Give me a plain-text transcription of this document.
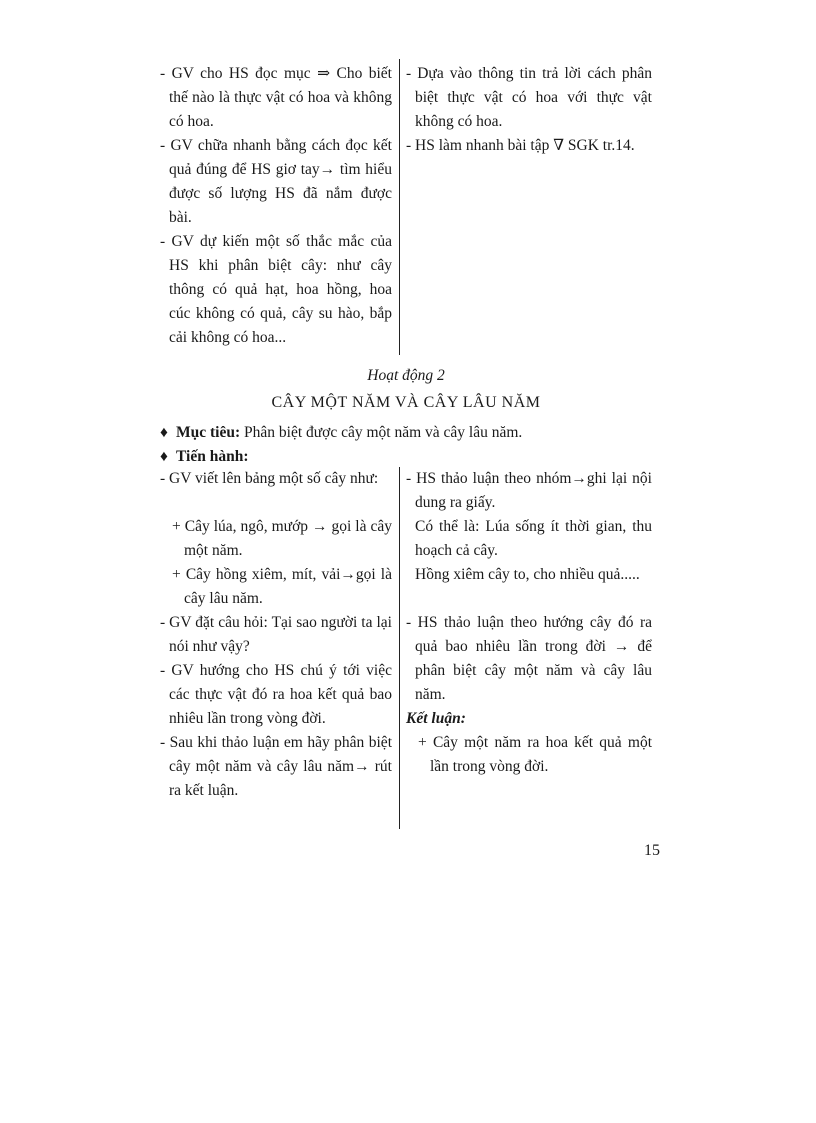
- GV cho HS đọc mục ⇒ Cho biết thế nào là thực vật có hoa và không có hoa.
- GV chữa nhanh bằng cách đọc kết quả đúng để HS giơ tay→ tìm hiểu được số lượng HS đã nắm được bài.
- GV dự kiến một số thắc mắc của HS khi phân biệt cây: như cây thông có quả hạt, hoa hồng, hoa cúc không có quả, cây su hào, bắp cải không có hoa...
- Dựa vào thông tin trả lời cách phân biệt thực vật có hoa với thực vật không có hoa.
- HS làm nhanh bài tập ∇ SGK tr.14.
Hoạt động 2
CÂY MỘT NĂM VÀ CÂY LÂU NĂM
♦ Mục tiêu: Phân biệt được cây một năm và cây lâu năm.
♦ Tiến hành:
- GV viết lên bảng một số cây như:
+ Cây lúa, ngô, mướp → gọi là cây một năm.
+ Cây hồng xiêm, mít, vải→gọi là cây lâu năm.
- GV đặt câu hỏi: Tại sao người ta lại nói như vậy?
- GV hướng cho HS chú ý tới việc các thực vật đó ra hoa kết quả bao nhiêu lần trong vòng đời.
- Sau khi thảo luận em hãy phân biệt cây một năm và cây lâu năm→ rút ra kết luận.
- HS thảo luận theo nhóm→ghi lại nội dung ra giấy.
Có thể là: Lúa sống ít thời gian, thu hoạch cả cây.
Hồng xiêm cây to, cho nhiều quả.....
- HS thảo luận theo hướng cây đó ra quả bao nhiêu lần trong đời → để phân biệt cây một năm và cây lâu năm.
Kết luận:
+ Cây một năm ra hoa kết quả một lần trong vòng đời.
15
